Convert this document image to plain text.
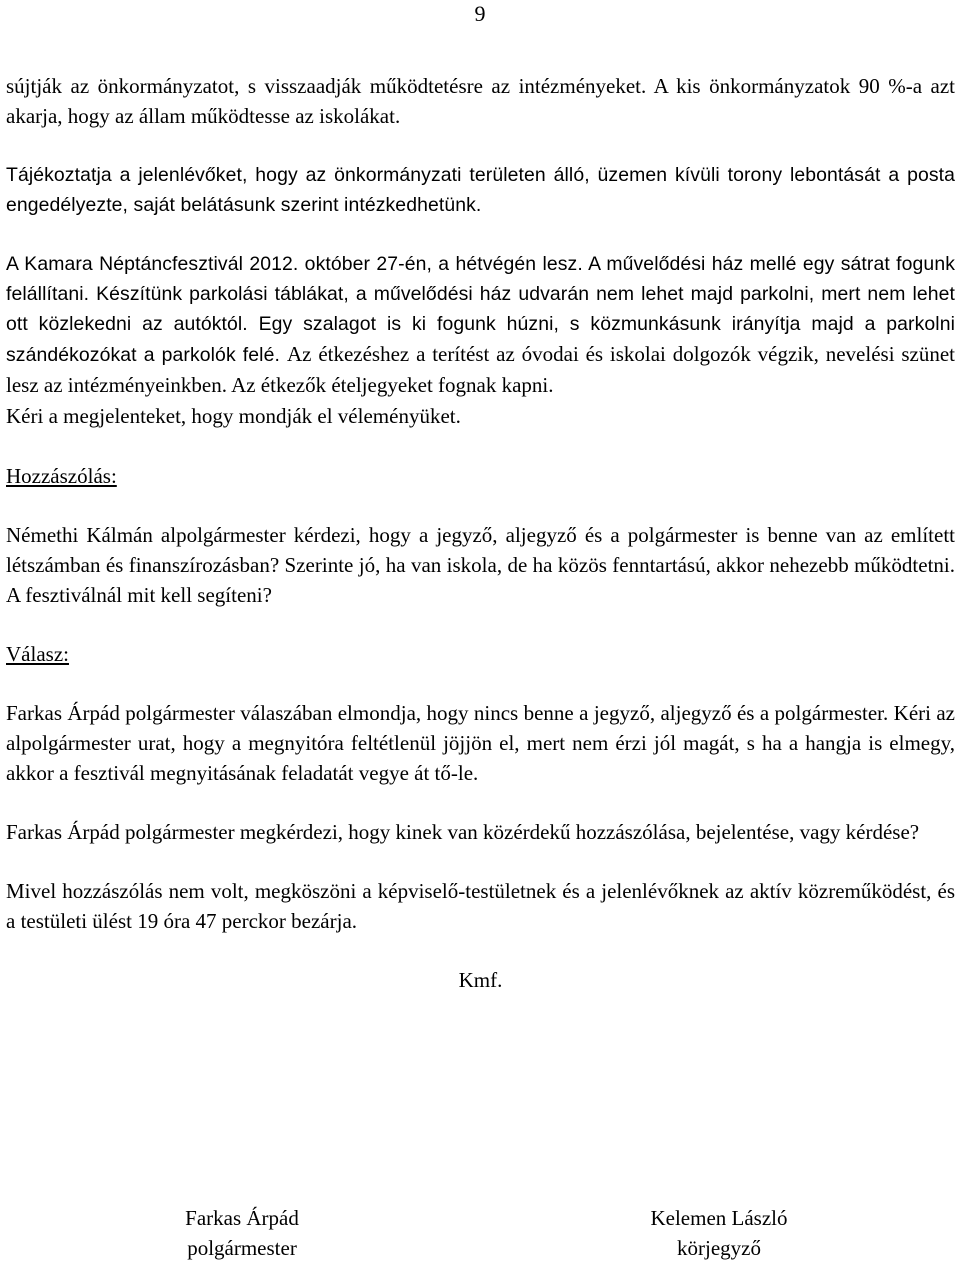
9

sújtják az önkormányzatot, s visszaadják működtetésre az intézményeket. A kis önkormányzatok 90 %-a azt akarja, hogy az állam működtesse az iskolákat.

Tájékoztatja a jelenlévőket, hogy az önkormányzati területen álló, üzemen kívüli torony lebontását a posta engedélyezte, saját belátásunk szerint intézkedhetünk.

A Kamara Néptáncfesztivál 2012. október 27-én, a hétvégén lesz. A művelődési ház mellé egy sátrat fogunk felállítani. Készítünk parkolási táblákat, a művelődési ház udvarán nem lehet majd parkolni, mert nem lehet ott közlekedni az autóktól. Egy szalagot is ki fogunk húzni, s közmunkásunk irányítja majd a parkolni szándékozókat a parkolók felé. Az étkezéshez a terítést az óvodai és iskolai dolgozók végzik, nevelési szünet lesz az intézményeinkben. Az étkezők ételjegyeket fognak kapni.
Kéri a megjelenteket, hogy mondják el véleményüket.

Hozzászólás:

Némethi Kálmán alpolgármester kérdezi, hogy a jegyző, aljegyző és a polgármester is benne van az említett létszámban és finanszírozásban? Szerinte jó, ha van iskola, de ha közös fenntartású, akkor nehezebb működtetni. A fesztiválnál mit kell segíteni?

Válasz:

Farkas Árpád polgármester válaszában elmondja, hogy nincs benne a jegyző, aljegyző és a polgármester. Kéri az alpolgármester urat, hogy a megnyitóra feltétlenül jöjjön el, mert nem érzi jól magát, s ha a hangja is elmegy, akkor a fesztivál megnyitásának feladatát vegye át tő-le.

Farkas Árpád polgármester megkérdezi, hogy kinek van közérdekű hozzászólása, bejelentése, vagy kérdése?

Mivel hozzászólás nem volt, megköszöni a képviselő-testületnek és a jelenlévőknek az aktív közreműködést, és a testületi ülést 19 óra 47 perckor bezárja.

Kmf.

Farkas Árpád
polgármester
Kelemen László
körjegyző
